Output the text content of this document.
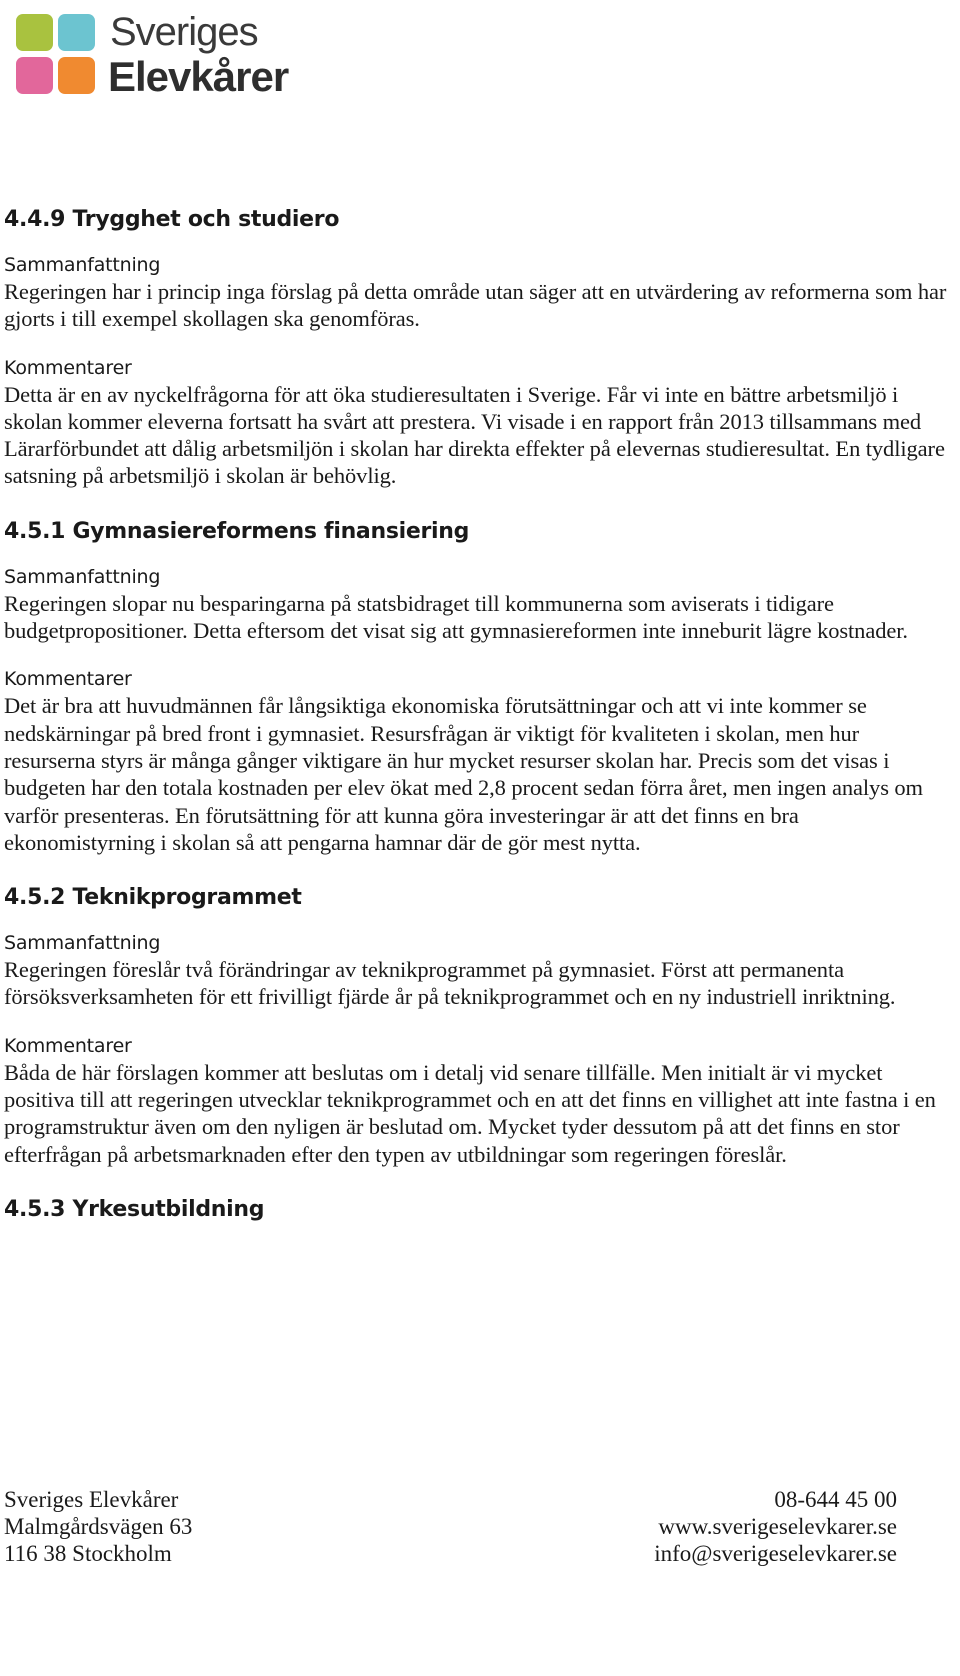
Sveriges
Elevkårer
4.4.9 Trygghet och studiero

Sammanfattning

Regeringen har i princip inga förslag på detta område utan säger att en utvärdering av reformerna som har gjorts i till exempel skollagen ska genomföras.

Kommentarer

Detta är en av nyckelfrågorna för att öka studieresultaten i Sverige. Får vi inte en bättre arbetsmiljö i skolan kommer eleverna fortsatt ha svårt att prestera. Vi visade i en rapport från 2013 tillsammans med Lärarförbundet att dålig arbetsmiljön i skolan har direkta effekter på elevernas studieresultat. En tydligare satsning på arbetsmiljö i skolan är behövlig.

4.5.1 Gymnasiereformens finansiering

Sammanfattning

Regeringen slopar nu besparingarna på statsbidraget till kommunerna som aviserats i tidigare budgetpropositioner. Detta eftersom det visat sig att gymnasiereformen inte inneburit lägre kostnader.

Kommentarer

Det är bra att huvudmännen får långsiktiga ekonomiska förutsättningar och att vi inte kommer se nedskärningar på bred front i gymnasiet. Resursfrågan är viktigt för kvaliteten i skolan, men hur resurserna styrs är många gånger viktigare än hur mycket resurser skolan har. Precis som det visas i budgeten har den totala kostnaden per elev ökat med 2,8 procent sedan förra året, men ingen analys om varför presenteras. En förutsättning för att kunna göra investeringar är att det finns en bra ekonomistyrning i skolan så att pengarna hamnar där de gör mest nytta.

4.5.2 Teknikprogrammet

Sammanfattning

Regeringen föreslår två förändringar av teknikprogrammet på gymnasiet. Först att permanenta försöksverksamheten för ett frivilligt fjärde år på teknikprogrammet och en ny industriell inriktning.

Kommentarer

Båda de här förslagen kommer att beslutas om i detalj vid senare tillfälle. Men initialt är vi mycket positiva till att regeringen utvecklar teknikprogrammet och en att det finns en villighet att inte fastna i en programstruktur även om den nyligen är beslutad om. Mycket tyder dessutom på att det finns en stor efterfrågan på arbetsmarknaden efter den typen av utbildningar som regeringen föreslår.

4.5.3 Yrkesutbildning
Sveriges Elevkårer
Malmgårdsvägen 63
116 38 Stockholm
08-644 45 00
www.sverigeselevkarer.se
info@sverigeselevkarer.se
